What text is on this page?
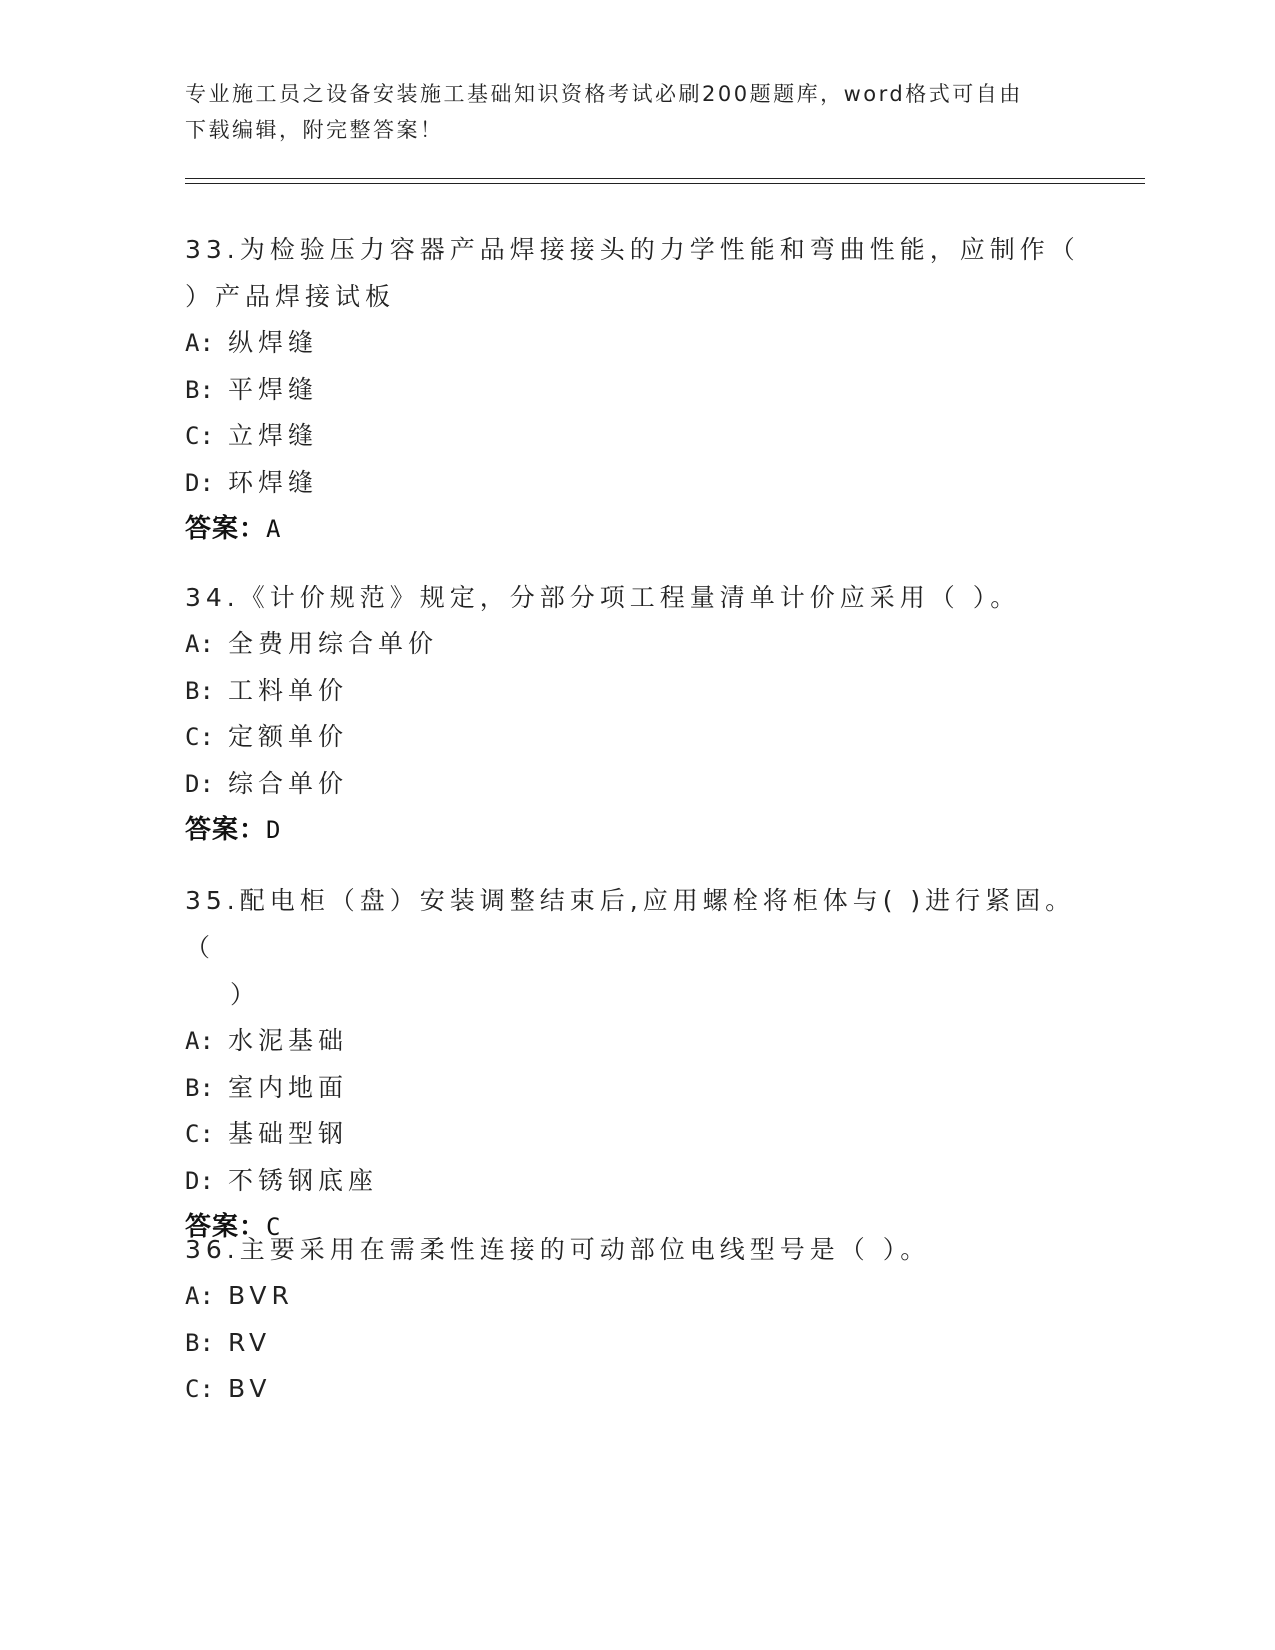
专业施工员之设备安装施工基础知识资格考试必刷200题题库，word格式可自由
下载编辑，附完整答案！
33.为检验压力容器产品焊接接头的力学性能和弯曲性能，应制作（
）产品焊接试板
A: 纵焊缝
B: 平焊缝
C: 立焊缝
D: 环焊缝
答案：A
34.《计价规范》规定，分部分项工程量清单计价应采用（ ）。
A: 全费用综合单价
B: 工料单价
C: 定额单价
D: 综合单价
答案：D
35.配电柜（盘）安装调整结束后,应用螺栓将柜体与( )进行紧固。（
）
A: 水泥基础
B: 室内地面
C: 基础型钢
D: 不锈钢底座
答案：C
36.主要采用在需柔性连接的可动部位电线型号是（ ）。
A: BVR
B: RV
C: BV
